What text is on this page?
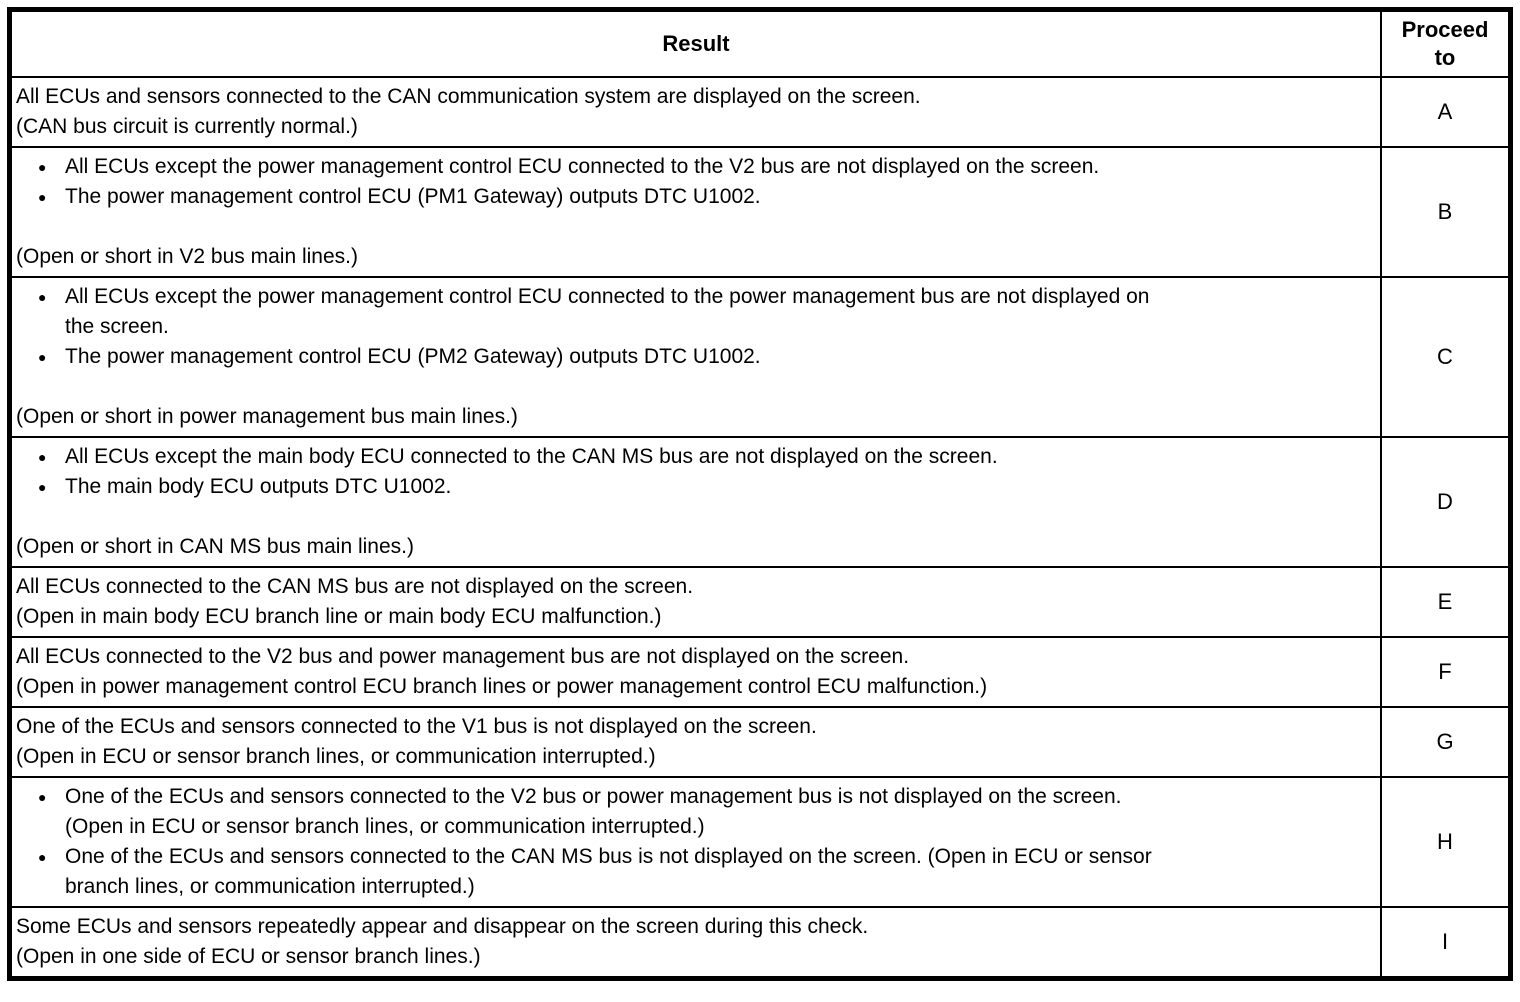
Result	Proceed
to

All ECUs and sensors connected to the CAN communication system are displayed on the screen.
(CAN bus circuit is currently normal.)	A

● All ECUs except the power management control ECU connected to the V2 bus are not displayed on the screen.
● The power management control ECU (PM1 Gateway) outputs DTC U1002.
(Open or short in V2 bus main lines.)	B

● All ECUs except the power management control ECU connected to the power management bus are not displayed on
the screen.
● The power management control ECU (PM2 Gateway) outputs DTC U1002.
(Open or short in power management bus main lines.)
	C

● All ECUs except the main body ECU connected to the CAN MS bus are not displayed on the screen.
● The main body ECU outputs DTC U1002.
(Open or short in CAN MS bus main lines.)	D

All ECUs connected to the CAN MS bus are not displayed on the screen.
(Open in main body ECU branch line or main body ECU malfunction.)	E

All ECUs connected to the V2 bus and power management bus are not displayed on the screen.
(Open in power management control ECU branch lines or power management control ECU malfunction.)	F

One of the ECUs and sensors connected to the V1 bus is not displayed on the screen.
(Open in ECU or sensor branch lines, or communication interrupted.)	G

● One of the ECUs and sensors connected to the V2 bus or power management bus is not displayed on the screen.
(Open in ECU or sensor branch lines, or communication interrupted.)
● One of the ECUs and sensors connected to the CAN MS bus is not displayed on the screen. (Open in ECU or sensor
branch lines, or communication interrupted.)
	H

Some ECUs and sensors repeatedly appear and disappear on the screen during this check.
(Open in one side of ECU or sensor branch lines.)	I
